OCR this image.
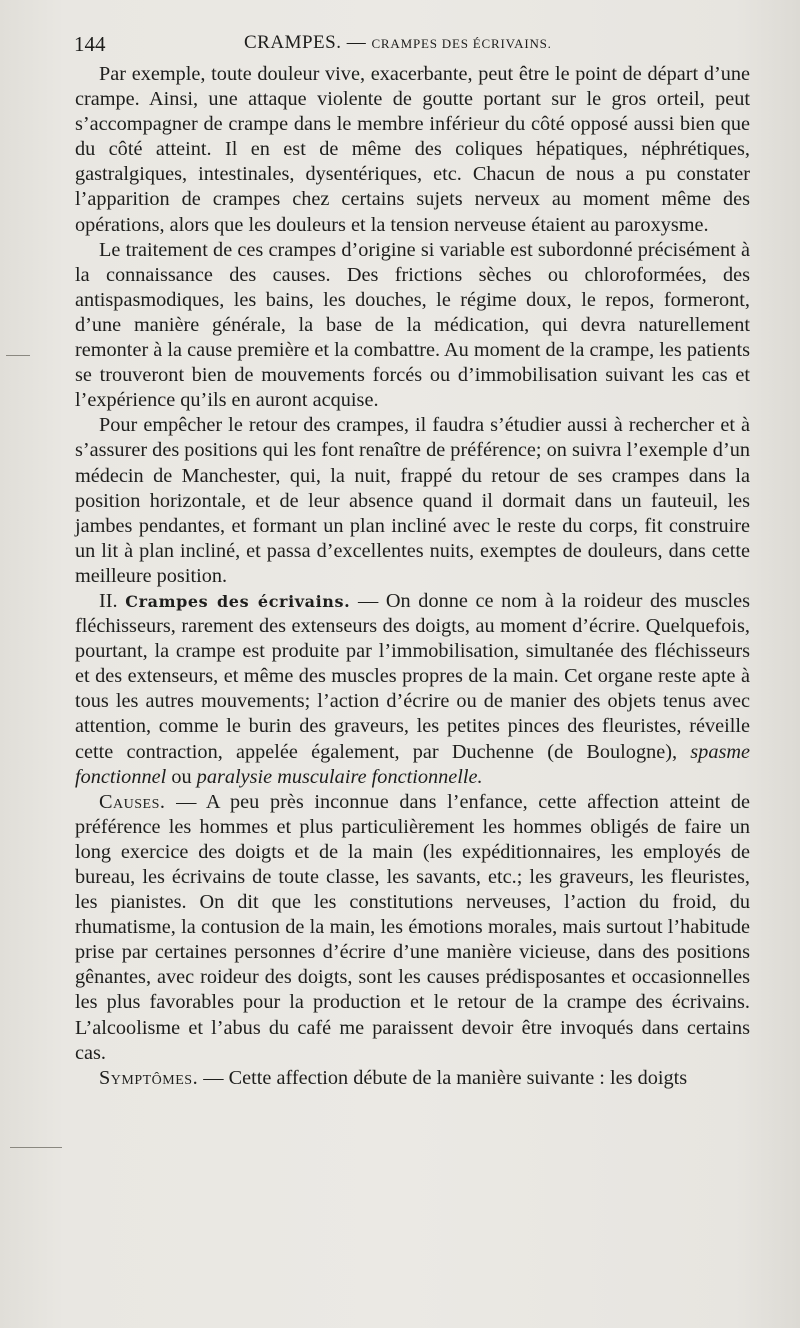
144	CRAMPES. — CRAMPES DES ÉCRIVAINS.

Par exemple, toute douleur vive, exacerbante, peut être le point de départ d’une crampe. Ainsi, une attaque violente de goutte portant sur le gros orteil, peut s’accompagner de crampe dans le membre inférieur du côté opposé aussi bien que du côté atteint. Il en est de même des coliques hépatiques, néphrétiques, gastralgiques, intestinales, dysentériques, etc. Chacun de nous a pu constater l’apparition de crampes chez certains sujets nerveux au moment même des opérations, alors que les douleurs et la tension nerveuse étaient au paroxysme.

Le traitement de ces crampes d’origine si variable est subordonné précisément à la connaissance des causes. Des frictions sèches ou chloroformées, des antispasmodiques, les bains, les douches, le régime doux, le repos, formeront, d’une manière générale, la base de la médication, qui devra naturellement remonter à la cause première et la combattre. Au moment de la crampe, les patients se trouveront bien de mouvements forcés ou d’immobilisation suivant les cas et l’expérience qu’ils en auront acquise.

Pour empêcher le retour des crampes, il faudra s’étudier aussi à rechercher et à s’assurer des positions qui les font renaître de préférence; on suivra l’exemple d’un médecin de Manchester, qui, la nuit, frappé du retour de ses crampes dans la position horizontale, et de leur absence quand il dormait dans un fauteuil, les jambes pendantes, et formant un plan incliné avec le reste du corps, fit construire un lit à plan incliné, et passa d’excellentes nuits, exemptes de douleurs, dans cette meilleure position.

II. Crampes des écrivains. — On donne ce nom à la roideur des muscles fléchisseurs, rarement des extenseurs des doigts, au moment d’écrire. Quelquefois, pourtant, la crampe est produite par l’immobilisation, simultanée des fléchisseurs et des extenseurs, et même des muscles propres de la main. Cet organe reste apte à tous les autres mouvements; l’action d’écrire ou de manier des objets tenus avec attention, comme le burin des graveurs, les petites pinces des fleuristes, réveille cette contraction, appelée également, par Duchenne (de Boulogne), spasme fonctionnel ou paralysie musculaire fonctionnelle.

Causes. — A peu près inconnue dans l’enfance, cette affection atteint de préférence les hommes et plus particulièrement les hommes obligés de faire un long exercice des doigts et de la main (les expéditionnaires, les employés de bureau, les écrivains de toute classe, les savants, etc.; les graveurs, les fleuristes, les pianistes. On dit que les constitutions nerveuses, l’action du froid, du rhumatisme, la contusion de la main, les émotions morales, mais surtout l’habitude prise par certaines personnes d’écrire d’une manière vicieuse, dans des positions gênantes, avec roideur des doigts, sont les causes prédisposantes et occasionnelles les plus favorables pour la production et le retour de la crampe des écrivains. L’alcoolisme et l’abus du café me paraissent devoir être invoqués dans certains cas.

Symptômes. — Cette affection débute de la manière suivante : les doigts
